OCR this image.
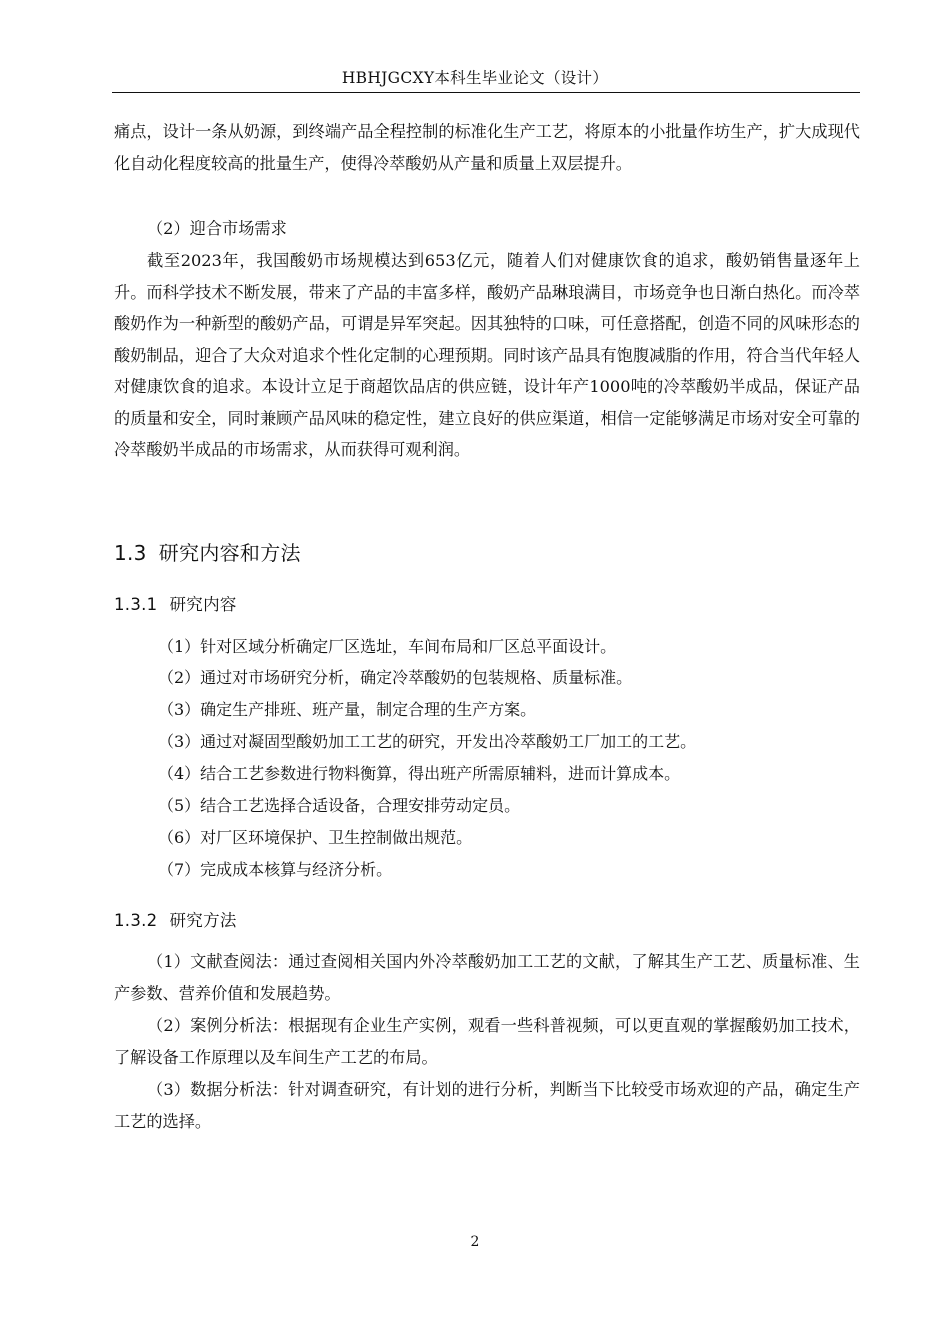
HBHJGCXY本科生毕业论文（设计）

痛点，设计一条从奶源，到终端产品全程控制的标准化生产工艺，将原本的小批量作坊生产，扩大成现代化自动化程度较高的批量生产，使得冷萃酸奶从产量和质量上双层提升。

（2）迎合市场需求

截至2023年，我国酸奶市场规模达到653亿元，随着人们对健康饮食的追求，酸奶销售量逐年上升。而科学技术不断发展，带来了产品的丰富多样，酸奶产品琳琅满目，市场竞争也日渐白热化。而冷萃酸奶作为一种新型的酸奶产品，可谓是异军突起。因其独特的口味，可任意搭配，创造不同的风味形态的酸奶制品，迎合了大众对追求个性化定制的心理预期。同时该产品具有饱腹减脂的作用，符合当代年轻人对健康饮食的追求。本设计立足于商超饮品店的供应链，设计年产1000吨的冷萃酸奶半成品，保证产品的质量和安全，同时兼顾产品风味的稳定性，建立良好的供应渠道，相信一定能够满足市场对安全可靠的冷萃酸奶半成品的市场需求，从而获得可观利润。

1.3 研究内容和方法
1.3.1 研究内容

（1）针对区域分析确定厂区选址，车间布局和厂区总平面设计。

（2）通过对市场研究分析，确定冷萃酸奶的包装规格、质量标准。

（3）确定生产排班、班产量，制定合理的生产方案。

（3）通过对凝固型酸奶加工工艺的研究，开发出冷萃酸奶工厂加工的工艺。

（4）结合工艺参数进行物料衡算，得出班产所需原辅料，进而计算成本。

（5）结合工艺选择合适设备，合理安排劳动定员。

（6）对厂区环境保护、卫生控制做出规范。

（7）完成成本核算与经济分析。

1.3.2 研究方法

（1）文献查阅法：通过查阅相关国内外冷萃酸奶加工工艺的文献，了解其生产工艺、质量标准、生产参数、营养价值和发展趋势。

（2）案例分析法：根据现有企业生产实例，观看一些科普视频，可以更直观的掌握酸奶加工技术，了解设备工作原理以及车间生产工艺的布局。

（3）数据分析法：针对调查研究，有计划的进行分析，判断当下比较受市场欢迎的产品，确定生产工艺的选择。

2
